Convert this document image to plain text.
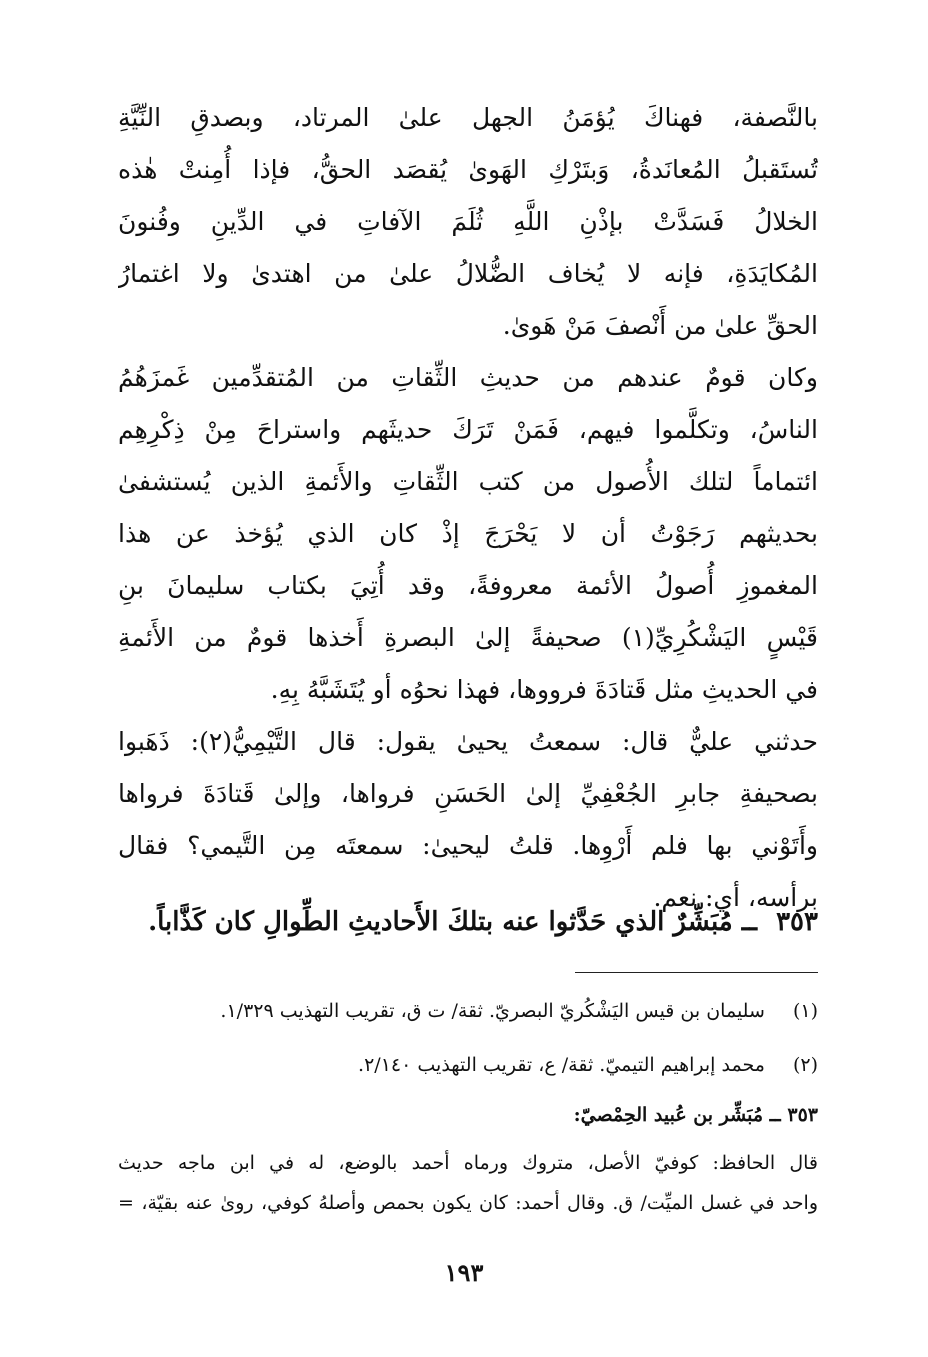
بالنَّصفة، فهناكَ يُؤمَنُ الجهل علىٰ المرتاد، وبصدقِ النِّيَّةِ
تُستَقبلُ المُعانَدةُ، وَبتَرْكِ الهَوىٰ يُقصَد الحقُّ، فإذا أُمِنتْ هٰذه
الخلالُ فَسَدَّتْ بإذْنِ اللَّهِ ثُلَمَ الآفاتِ في الدِّينِ وفُنونَ
المُكايَدَةِ، فإنه لا يُخاف الضُّلالُ علىٰ من اهتدىٰ ولا اغتمارُ
الحقِّ علىٰ من أَنْصفَ مَنْ هَوىٰ.
وكان قومٌ عندهم من حديثِ الثِّقاتِ من المُتقدِّمين غَمزَهُمُ
الناسُ، وتكلَّموا فيهم، فَمَنْ تَرَكَ حديثَهم واستراحَ مِنْ ذِكْرِهِم
ائتماماً لتلك الأُصول من كتب الثِّقاتِ والأَئمةِ الذين يُستشفىٰ
بحديثهم رَجَوْتُ أن لا يَحْرَجَ إذْ كان الذي يُؤخذ عن هذا
المغموزِ أُصولُ الأئمة معروفةً، وقد أُتِيَ بكتاب سليمانَ بنِ
قَيْسٍ اليَشْكُرِيِّ(١) صحيفةً إلىٰ البصرةِ أَخذها قومٌ من الأَئمةِ
في الحديثِ مثل قَتادَةَ فرووها، فهذا نحوُه أو يُتَشَبَّهُ بِهِ.
حدثني عليٌّ قال: سمعتُ يحيىٰ يقول: قال التَّيْمِيُّ(٢): ذَهَبوا
بصحيفةِ جابرِ الجُعْفِيِّ إلىٰ الحَسَنِ فرواها، وإلىٰ قَتادَةَ فرواها
وأَتَوْني بها فلم أَرْوِها. قلتُ ليحيىٰ: سمعتَه مِن التَّيمي؟ فقال
برأسه، أي: نعم.
٣٥٣ ــ مُبَشِّرٌ الذي حَدَّثوا عنه بتلكَ الأَحاديثِ الطِّوالِ كان كَذَّاباً.
(١) سليمان بن قيس اليَشْكُريّ البصريّ. ثقة/ ت ق، تقريب التهذيب ١/٣٢٩.
(٢) محمد إبراهيم التيميّ. ثقة/ ع، تقريب التهذيب ٢/١٤٠.
٣٥٣ ــ مُبَشِّر بن عُبيد الحِمْصيّ:
قال الحافظ: كوفيّ الأصل، متروك ورماه أحمد بالوضع، له في ابن ماجه حديث
واحد في غسل الميِّت/ ق. وقال أحمد: كان يكون بحمص وأصلهُ كوفي، روىٰ عنه بقيّة، =
١٩٣
